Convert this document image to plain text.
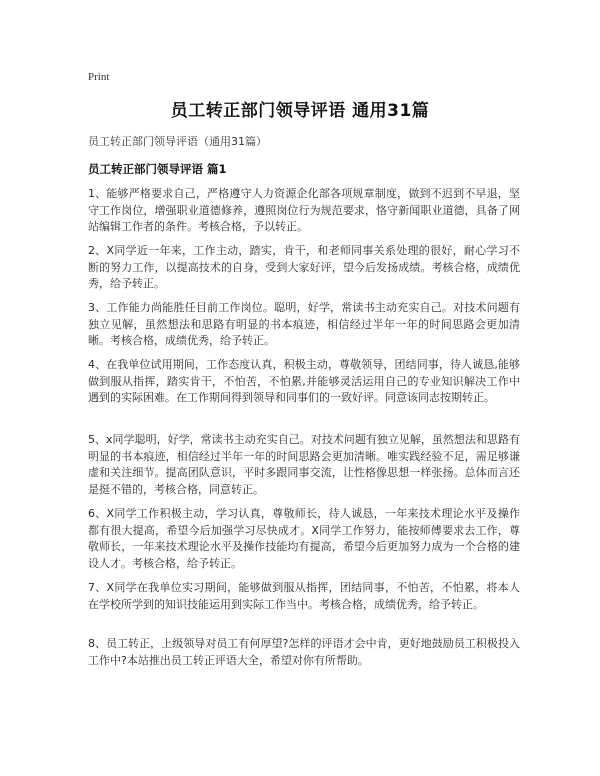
Print
员工转正部门领导评语 通用31篇
员工转正部门领导评语（通用31篇）
员工转正部门领导评语 篇1
1、能够严格要求自己，严格遵守人力资源企化部各项规章制度，做到不迟到不早退，坚守工作岗位，增强职业道德修养，遵照岗位行为规范要求，恪守新闻职业道德，具备了网站编辑工作者的条件。考核合格，予以转正。
2、X同学近一年来，工作主动，踏实，肯干，和老师同事关系处理的很好，耐心学习不断的努力工作，以提高技术的自身，受到大家好评，望今后发扬成绩。考核合格，成绩优秀，给予转正。
3、工作能力尚能胜任目前工作岗位。聪明，好学，常读书主动充实自己。对技术问题有独立见解，虽然想法和思路有明显的书本痕迹，相信经过半年一年的时间思路会更加清晰。考核合格，成绩优秀，给予转正。
4、在我单位试用期间，工作态度认真，积极主动，尊敬领导，团结同事，待人诚恳,能够做到服从指挥，踏实肯干，不怕苦，不怕累,并能够灵活运用自己的专业知识解决工作中遇到的实际困难。在工作期间得到领导和同事们的一致好评。同意该同志按期转正。
5、x同学聪明，好学，常读书主动充实自己。对技术问题有独立见解，虽然想法和思路有明显的书本痕迹，相信经过半年一年的时间思路会更加清晰。唯实践经验不足，需足够谦虚和关注细节。提高团队意识，平时多跟同事交流，让性格像思想一样张扬。总体而言还是挺不错的，考核合格，同意转正。
6、X同学工作积极主动，学习认真，尊敬师长，待人诚恳，一年来技术理论水平及操作都有很大提高，希望今后加强学习尽快成才。X同学工作努力，能按师傅要求去工作，尊敬师长，一年来技术理论水平及操作技能均有提高，希望今后更加努力成为一个合格的建设人才。考核合格，给予转正。
7、X同学在我单位实习期间，能够做到服从指挥，团结同事，不怕苦，不怕累，将本人在学校所学到的知识技能运用到实际工作当中。考核合格，成绩优秀，给予转正。
8、员工转正，上级领导对员工有何厚望?怎样的评语才会中肯，更好地鼓励员工积极投入工作中?本站推出员工转正评语大全，希望对你有所帮助。
